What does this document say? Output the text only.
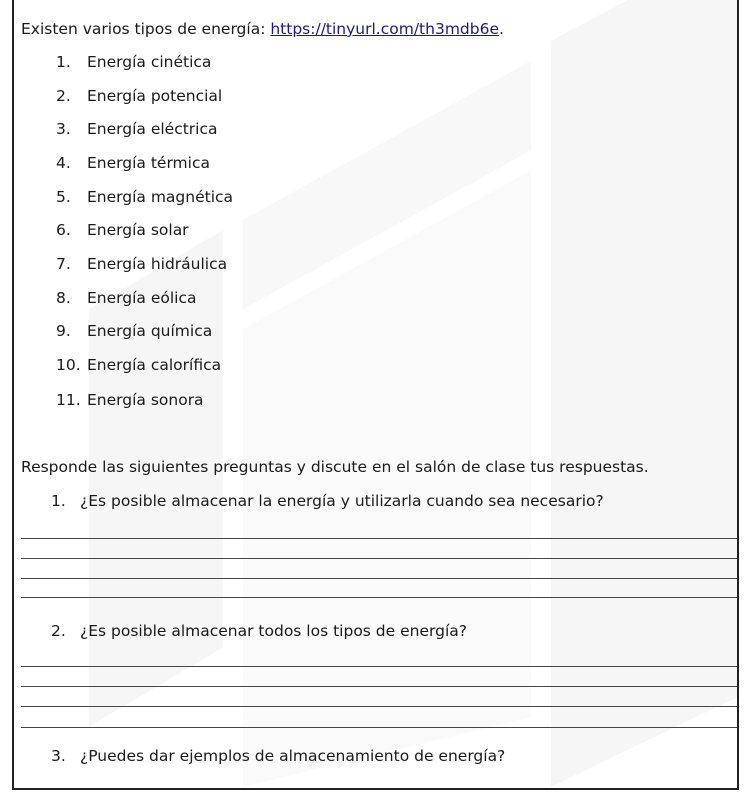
Existen varios tipos de energía: https://tinyurl.com/th3mdb6e.
1. Energía cinética
2. Energía potencial
3. Energía eléctrica
4. Energía térmica
5. Energía magnética
6. Energía solar
7. Energía hidráulica
8. Energía eólica
9. Energía química
10. Energía calorífica
11. Energía sonora
Responde las siguientes preguntas y discute en el salón de clase tus respuestas.
1. ¿Es posible almacenar la energía y utilizarla cuando sea necesario?
2. ¿Es posible almacenar todos los tipos de energía?
3. ¿Puedes dar ejemplos de almacenamiento de energía?
